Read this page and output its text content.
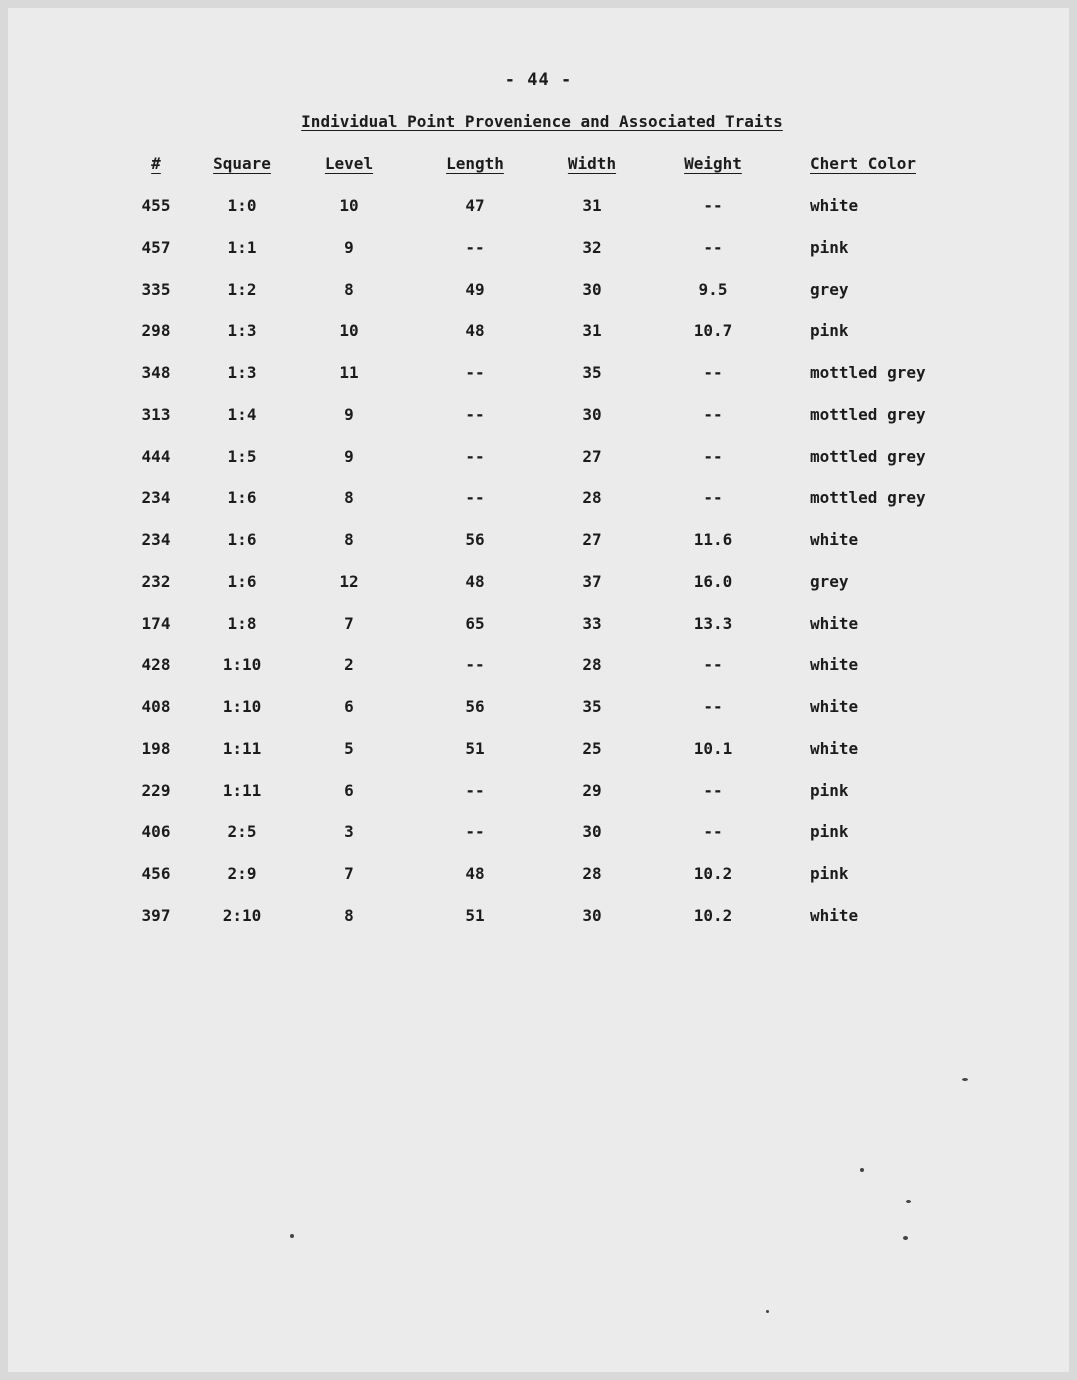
- 44 -
Individual Point Provenience and Associated Traits
#	Square	Level	Length	Width	Weight	Chert Color
455	1:0	10	47	31	--	white
457	1:1	9	--	32	--	pink
335	1:2	8	49	30	9.5	grey
298	1:3	10	48	31	10.7	pink
348	1:3	11	--	35	--	mottled grey
313	1:4	9	--	30	--	mottled grey
444	1:5	9	--	27	--	mottled grey
234	1:6	8	--	28	--	mottled grey
234	1:6	8	56	27	11.6	white
232	1:6	12	48	37	16.0	grey
174	1:8	7	65	33	13.3	white
428	1:10	2	--	28	--	white
408	1:10	6	56	35	--	white
198	1:11	5	51	25	10.1	white
229	1:11	6	--	29	--	pink
406	2:5	3	--	30	--	pink
456	2:9	7	48	28	10.2	pink
397	2:10	8	51	30	10.2	white
